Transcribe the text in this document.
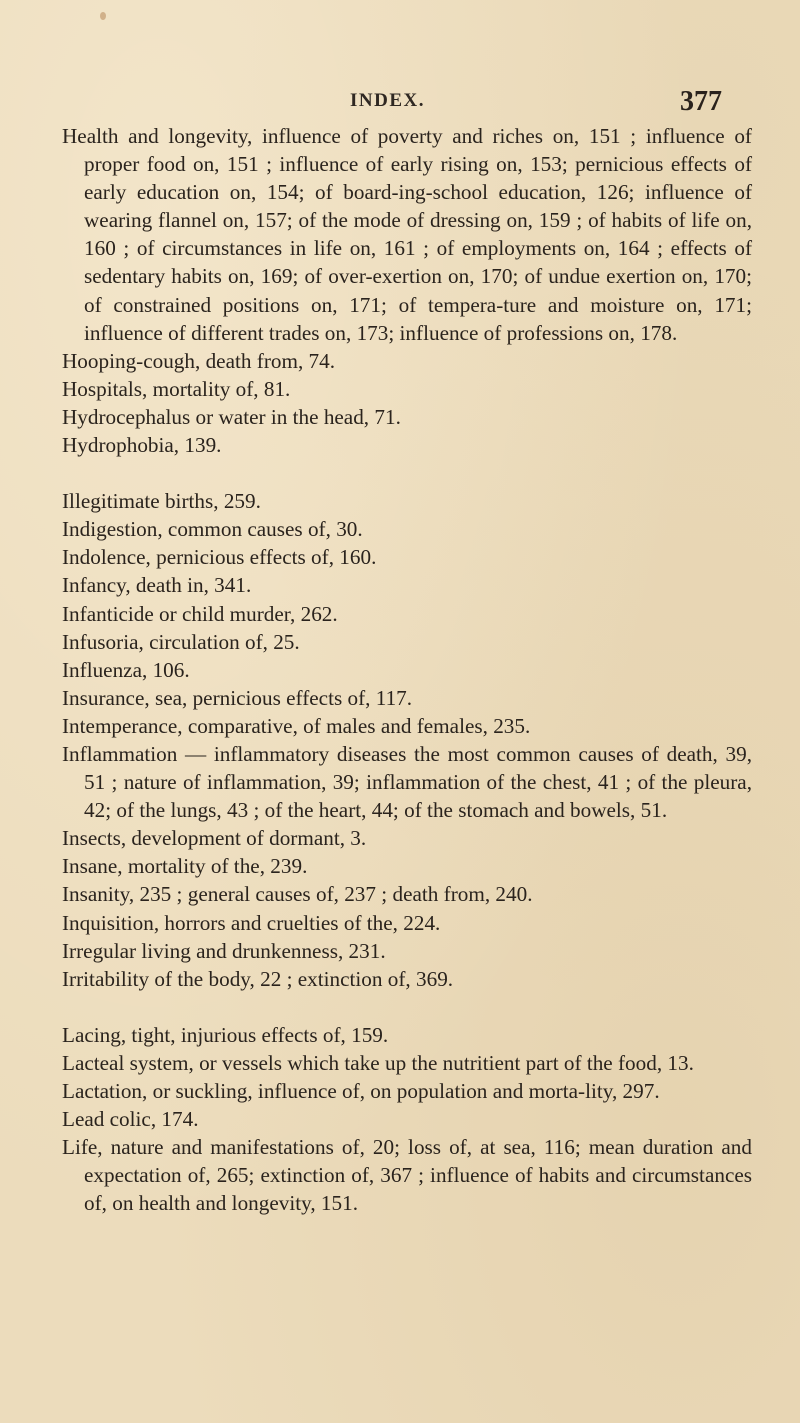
INDEX.	377

Health and longevity, influence of poverty and riches on, 151 ; influence of proper food on, 151 ; influence of early rising on, 153; pernicious effects of early education on, 154; of board-ing-school education, 126; influence of wearing flannel on, 157; of the mode of dressing on, 159 ; of habits of life on, 160 ; of circumstances in life on, 161 ; of employments on, 164 ; effects of sedentary habits on, 169; of over-exertion on, 170; of undue exertion on, 170; of constrained positions on, 171; of tempera-ture and moisture on, 171; influence of different trades on, 173; influence of professions on, 178.

Hooping-cough, death from, 74.

Hospitals, mortality of, 81.

Hydrocephalus or water in the head, 71.

Hydrophobia, 139.

Illegitimate births, 259.

Indigestion, common causes of, 30.

Indolence, pernicious effects of, 160.

Infancy, death in, 341.

Infanticide or child murder, 262.

Infusoria, circulation of, 25.

Influenza, 106.

Insurance, sea, pernicious effects of, 117.

Intemperance, comparative, of males and females, 235.

Inflammation — inflammatory diseases the most common causes of death, 39, 51 ; nature of inflammation, 39; inflammation of the chest, 41 ; of the pleura, 42; of the lungs, 43 ; of the heart, 44; of the stomach and bowels, 51.

Insects, development of dormant, 3.

Insane, mortality of the, 239.

Insanity, 235 ; general causes of, 237 ; death from, 240.

Inquisition, horrors and cruelties of the, 224.

Irregular living and drunkenness, 231.

Irritability of the body, 22 ; extinction of, 369.

Lacing, tight, injurious effects of, 159.

Lacteal system, or vessels which take up the nutritient part of the food, 13.

Lactation, or suckling, influence of, on population and morta-lity, 297.

Lead colic, 174.

Life, nature and manifestations of, 20; loss of, at sea, 116; mean duration and expectation of, 265; extinction of, 367 ; influence of habits and circumstances of, on health and longevity, 151.
